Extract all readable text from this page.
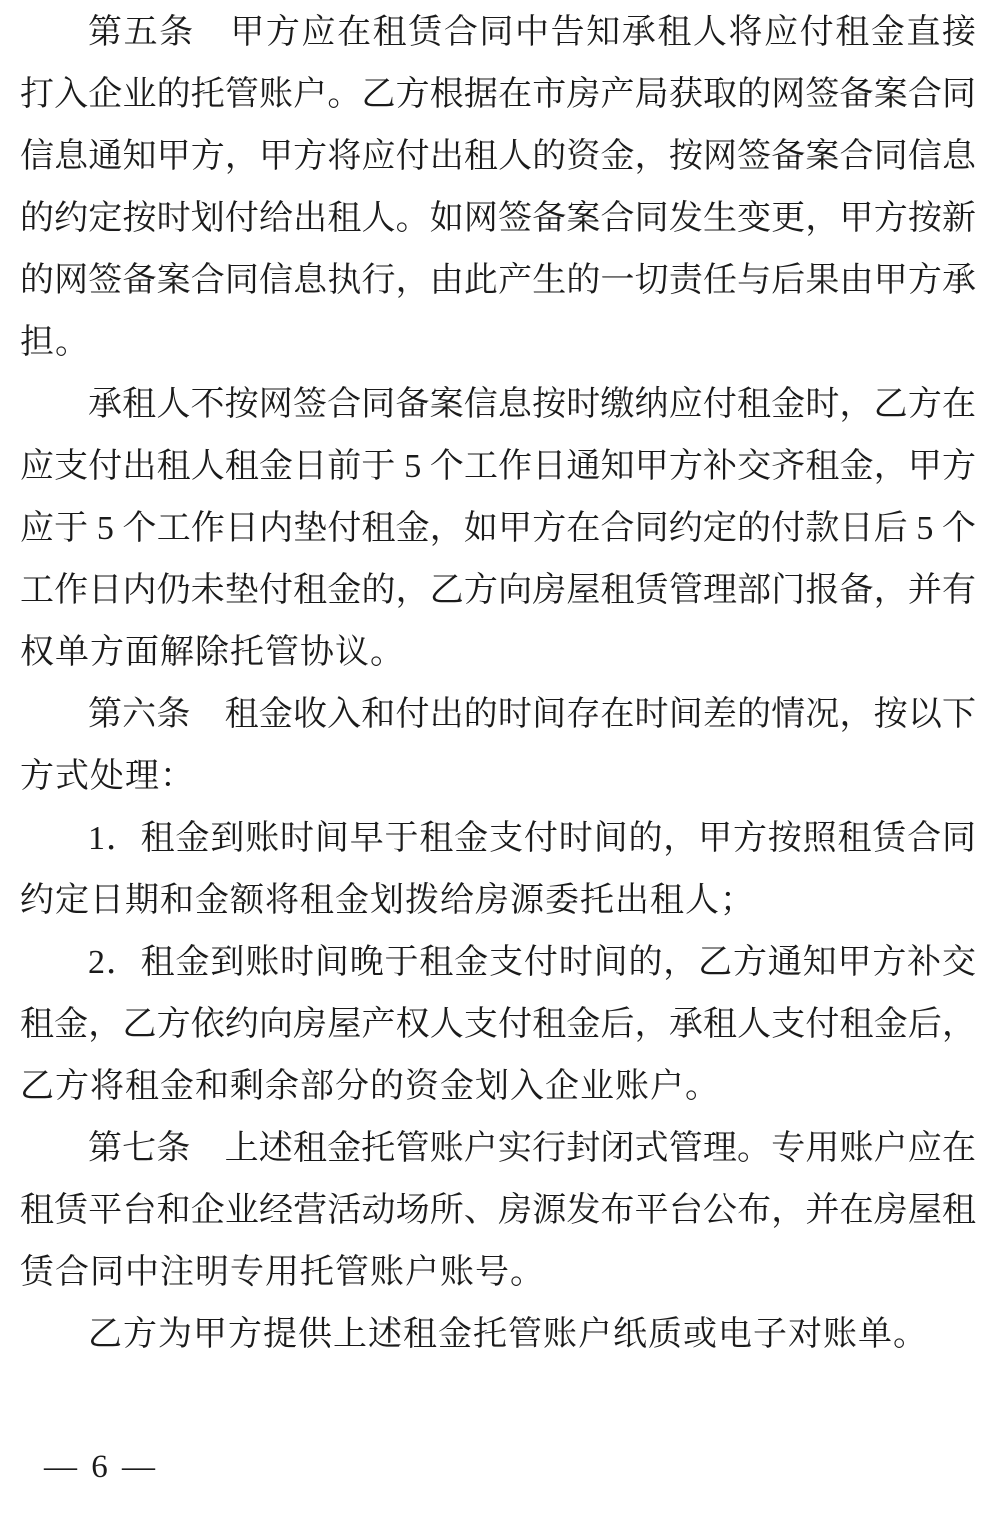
第五条　甲方应在租赁合同中告知承租人将应付租金直接
打入企业的托管账户。乙方根据在市房产局获取的网签备案合同
信息通知甲方，甲方将应付出租人的资金，按网签备案合同信息
的约定按时划付给出租人。如网签备案合同发生变更，甲方按新
的网签备案合同信息执行，由此产生的一切责任与后果由甲方承
担。
承租人不按网签合同备案信息按时缴纳应付租金时，乙方在
应支付出租人租金日前于 5 个工作日通知甲方补交齐租金，甲方
应于 5 个工作日内垫付租金，如甲方在合同约定的付款日后 5 个
工作日内仍未垫付租金的，乙方向房屋租赁管理部门报备，并有
权单方面解除托管协议。
第六条　租金收入和付出的时间存在时间差的情况，按以下
方式处理：
1．租金到账时间早于租金支付时间的，甲方按照租赁合同
约定日期和金额将租金划拨给房源委托出租人；
2．租金到账时间晚于租金支付时间的，乙方通知甲方补交
租金，乙方依约向房屋产权人支付租金后，承租人支付租金后，
乙方将租金和剩余部分的资金划入企业账户。
第七条　上述租金托管账户实行封闭式管理。专用账户应在
租赁平台和企业经营活动场所、房源发布平台公布，并在房屋租
赁合同中注明专用托管账户账号。
乙方为甲方提供上述租金托管账户纸质或电子对账单。
— 6 —
